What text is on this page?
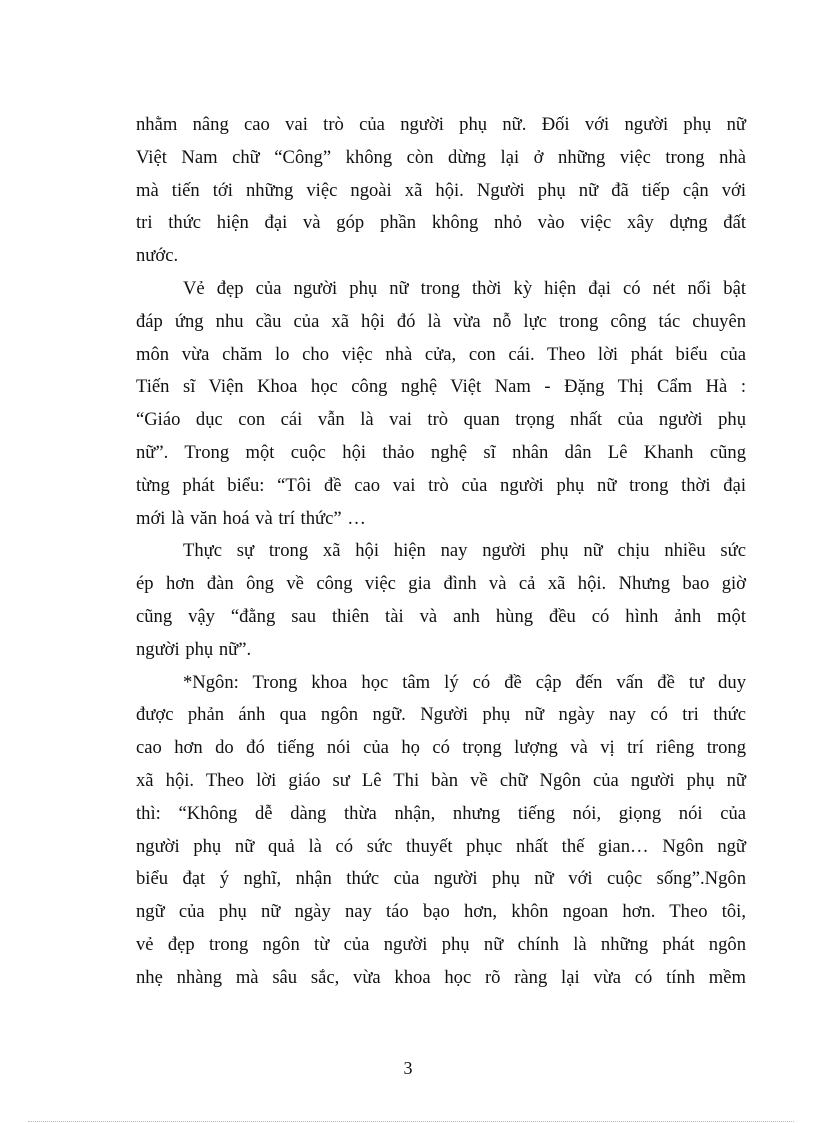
nhằm nâng cao vai trò của người phụ nữ. Đối với người phụ nữ
Việt Nam chữ “Công” không còn dừng lại ở những việc trong nhà
mà tiến tới những việc ngoài xã hội. Người phụ nữ đã tiếp cận với
tri thức hiện đại và góp phần không nhỏ vào việc xây dựng đất
nước.
Vẻ đẹp của người phụ nữ trong thời kỳ hiện đại có nét nổi bật
đáp ứng nhu cầu của xã hội đó là vừa nỗ lực trong công tác chuyên
môn vừa chăm lo cho việc nhà cửa, con cái. Theo lời phát biểu của
Tiến sĩ Viện Khoa học công nghệ Việt Nam - Đặng Thị Cẩm Hà :
“Giáo dục con cái vẫn là vai trò quan trọng nhất của người phụ
nữ”. Trong một cuộc hội thảo nghệ sĩ nhân dân Lê Khanh cũng
từng phát biểu: “Tôi đề cao vai trò của người phụ nữ trong thời đại
mới là văn hoá và trí thức” …
Thực sự trong xã hội hiện nay người phụ nữ chịu nhiều sức
ép hơn đàn ông về công việc gia đình và cả xã hội. Nhưng bao giờ
cũng vậy “đằng sau thiên tài và anh hùng đều có hình ảnh một
người phụ nữ”.
*Ngôn: Trong khoa học tâm lý có đề cập đến vấn đề tư duy
được phản ánh qua ngôn ngữ. Người phụ nữ ngày nay có tri thức
cao hơn do đó tiếng nói của họ có trọng lượng và vị trí riêng trong
xã hội. Theo lời giáo sư Lê Thi bàn về chữ Ngôn của người phụ nữ
thì: “Không dễ dàng thừa nhận, nhưng tiếng nói, giọng nói của
người phụ nữ quả là có sức thuyết phục nhất thế gian… Ngôn ngữ
biểu đạt ý nghĩ, nhận thức của người phụ nữ với cuộc sống”.Ngôn
ngữ của phụ nữ ngày nay táo bạo hơn, khôn ngoan hơn. Theo tôi,
vẻ đẹp trong ngôn từ của người phụ nữ chính là những phát ngôn
nhẹ nhàng mà sâu sắc, vừa khoa học rõ ràng lại vừa có tính mềm
3
